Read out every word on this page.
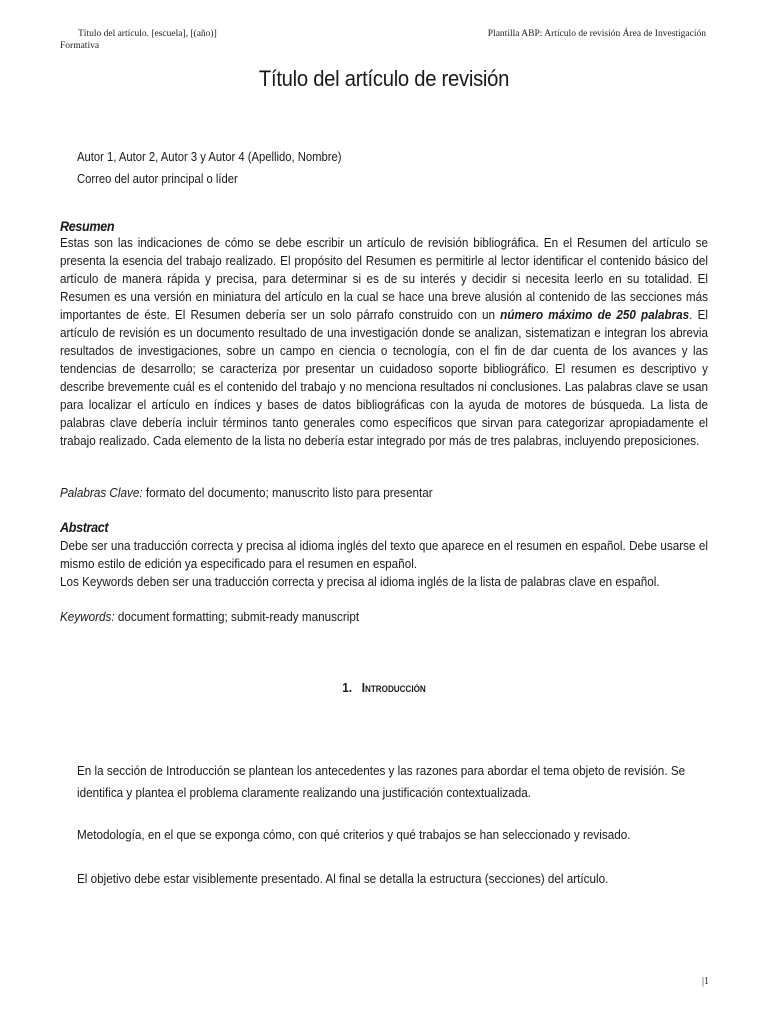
Título del artículo. [escuela], [(año)]
Formativa
Plantilla ABP: Artículo de revisión Área de Investigación
Título del artículo de revisión
Autor 1, Autor 2, Autor 3 y Autor 4 (Apellido, Nombre)
Correo del autor principal o líder
Resumen
Estas son las indicaciones de cómo se debe escribir un artículo de revisión bibliográfica. En el Resumen del artículo se presenta la esencia del trabajo realizado. El propósito del Resumen es permitirle al lector identificar el contenido básico del artículo de manera rápida y precisa, para determinar si es de su interés y decidir si necesita leerlo en su totalidad. El Resumen es una versión en miniatura del artículo en la cual se hace una breve alusión al contenido de las secciones más importantes de éste. El Resumen debería ser un solo párrafo construido con un número máximo de 250 palabras. El artículo de revisión es un documento resultado de una investigación donde se analizan, sistematizan e integran los abrevia resultados de investigaciones, sobre un campo en ciencia o tecnología, con el fin de dar cuenta de los avances y las tendencias de desarrollo; se caracteriza por presentar un cuidadoso soporte bibliográfico. El resumen es descriptivo y describe brevemente cuál es el contenido del trabajo y no menciona resultados ni conclusiones. Las palabras clave se usan para localizar el artículo en índices y bases de datos bibliográficas con la ayuda de motores de búsqueda. La lista de palabras clave debería incluir términos tanto generales como específicos que sirvan para categorizar apropiadamente el trabajo realizado. Cada elemento de la lista no debería estar integrado por más de tres palabras, incluyendo preposiciones.
Palabras Clave: formato del documento; manuscrito listo para presentar
Abstract
Debe ser una traducción correcta y precisa al idioma inglés del texto que aparece en el resumen en español. Debe usarse el mismo estilo de edición ya especificado para el resumen en español.
Los Keywords deben ser una traducción correcta y precisa al idioma inglés de la lista de palabras clave en español.
Keywords: document formatting; submit-ready manuscript
1. Introducción
En la sección de Introducción se plantean los antecedentes y las razones para abordar el tema objeto de revisión. Se identifica y plantea el problema claramente realizando una justificación contextualizada.
Metodología, en el que se exponga cómo, con qué criterios y qué trabajos se han seleccionado y revisado.
El objetivo debe estar visiblemente presentado. Al final se detalla la estructura (secciones) del artículo.
|1
